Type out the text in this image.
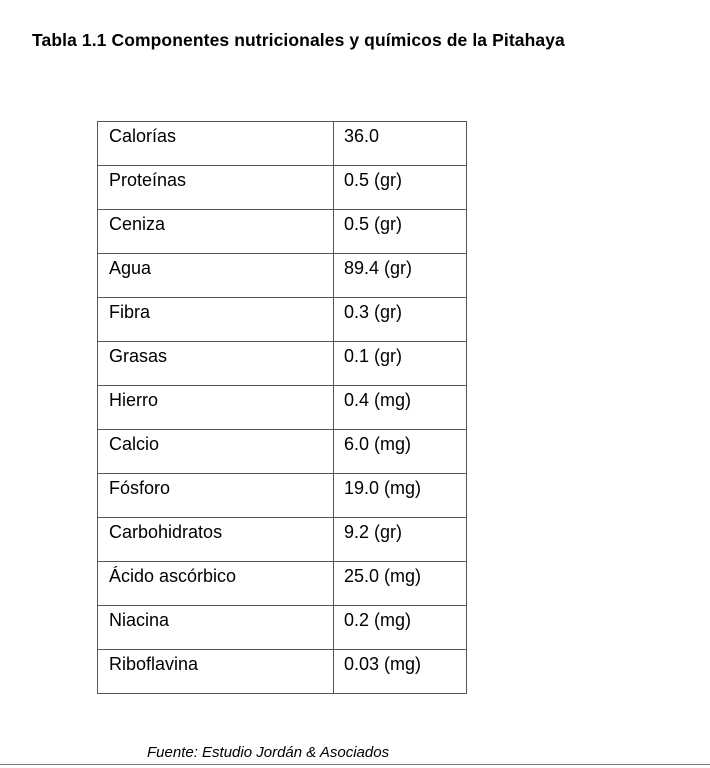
Tabla 1.1 Componentes nutricionales y químicos de la Pitahaya
Calorías	36.0
Proteínas	0.5 (gr)
Ceniza	0.5 (gr)
Agua	89.4 (gr)
Fibra	0.3 (gr)
Grasas	0.1 (gr)
Hierro	0.4 (mg)
Calcio	6.0 (mg)
Fósforo	19.0 (mg)
Carbohidratos	9.2 (gr)
Ácido ascórbico	25.0 (mg)
Niacina	0.2 (mg)
Riboflavina	0.03 (mg)
Fuente: Estudio Jordán & Asociados
